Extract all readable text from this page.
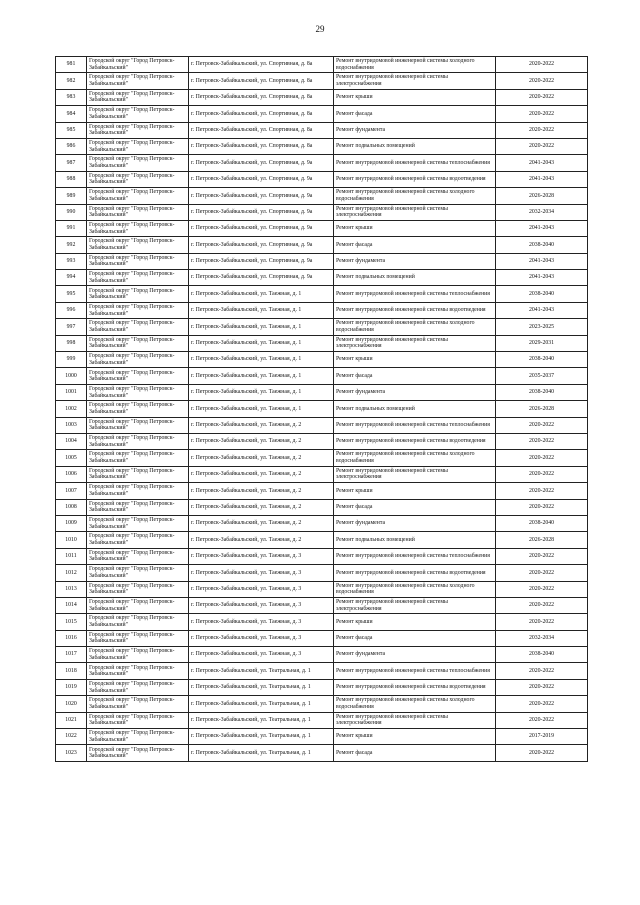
29
981	Городской округ "Город Петровск-Забайкальский"	г. Петровск-Забайкальский, ул. Спортивная, д. 8а	Ремонт внутридомовой инженерной системы холодного водоснабжения	2020-2022
982	Городской округ "Город Петровск-Забайкальский"	г. Петровск-Забайкальский, ул. Спортивная, д. 8а	Ремонт внутридомовой инженерной системы электроснабжения	2020-2022
983	Городской округ "Город Петровск-Забайкальский"	г. Петровск-Забайкальский, ул. Спортивная, д. 8а	Ремонт крыши	2020-2022
984	Городской округ "Город Петровск-Забайкальский"	г. Петровск-Забайкальский, ул. Спортивная, д. 8а	Ремонт фасада	2020-2022
985	Городской округ "Город Петровск-Забайкальский"	г. Петровск-Забайкальский, ул. Спортивная, д. 8а	Ремонт фундамента	2020-2022
986	Городской округ "Город Петровск-Забайкальский"	г. Петровск-Забайкальский, ул. Спортивная, д. 8а	Ремонт подвальных помещений	2020-2022
987	Городской округ "Город Петровск-Забайкальский"	г. Петровск-Забайкальский, ул. Спортивная, д. 9а	Ремонт внутридомовой инженерной системы теплоснабжения	2041-2043
988	Городской округ "Город Петровск-Забайкальский"	г. Петровск-Забайкальский, ул. Спортивная, д. 9а	Ремонт внутридомовой инженерной системы водоотведения	2041-2043
989	Городской округ "Город Петровск-Забайкальский"	г. Петровск-Забайкальский, ул. Спортивная, д. 9а	Ремонт внутридомовой инженерной системы холодного водоснабжения	2026-2028
990	Городской округ "Город Петровск-Забайкальский"	г. Петровск-Забайкальский, ул. Спортивная, д. 9а	Ремонт внутридомовой инженерной системы электроснабжения	2032-2034
991	Городской округ "Город Петровск-Забайкальский"	г. Петровск-Забайкальский, ул. Спортивная, д. 9а	Ремонт крыши	2041-2043
992	Городской округ "Город Петровск-Забайкальский"	г. Петровск-Забайкальский, ул. Спортивная, д. 9а	Ремонт фасада	2038-2040
993	Городской округ "Город Петровск-Забайкальский"	г. Петровск-Забайкальский, ул. Спортивная, д. 9а	Ремонт фундамента	2041-2043
994	Городской округ "Город Петровск-Забайкальский"	г. Петровск-Забайкальский, ул. Спортивная, д. 9а	Ремонт подвальных помещений	2041-2043
995	Городской округ "Город Петровск-Забайкальский"	г. Петровск-Забайкальский, ул. Таежная, д. 1	Ремонт внутридомовой инженерной системы теплоснабжения	2038-2040
996	Городской округ "Город Петровск-Забайкальский"	г. Петровск-Забайкальский, ул. Таежная, д. 1	Ремонт внутридомовой инженерной системы водоотведения	2041-2043
997	Городской округ "Город Петровск-Забайкальский"	г. Петровск-Забайкальский, ул. Таежная, д. 1	Ремонт внутридомовой инженерной системы холодного водоснабжения	2023-2025
998	Городской округ "Город Петровск-Забайкальский"	г. Петровск-Забайкальский, ул. Таежная, д. 1	Ремонт внутридомовой инженерной системы электроснабжения	2029-2031
999	Городской округ "Город Петровск-Забайкальский"	г. Петровск-Забайкальский, ул. Таежная, д. 1	Ремонт крыши	2038-2040
1000	Городской округ "Город Петровск-Забайкальский"	г. Петровск-Забайкальский, ул. Таежная, д. 1	Ремонт фасада	2035-2037
1001	Городской округ "Город Петровск-Забайкальский"	г. Петровск-Забайкальский, ул. Таежная, д. 1	Ремонт фундамента	2038-2040
1002	Городской округ "Город Петровск-Забайкальский"	г. Петровск-Забайкальский, ул. Таежная, д. 1	Ремонт подвальных помещений	2026-2028
1003	Городской округ "Город Петровск-Забайкальский"	г. Петровск-Забайкальский, ул. Таежная, д. 2	Ремонт внутридомовой инженерной системы теплоснабжения	2020-2022
1004	Городской округ "Город Петровск-Забайкальский"	г. Петровск-Забайкальский, ул. Таежная, д. 2	Ремонт внутридомовой инженерной системы водоотведения	2020-2022
1005	Городской округ "Город Петровск-Забайкальский"	г. Петровск-Забайкальский, ул. Таежная, д. 2	Ремонт внутридомовой инженерной системы холодного водоснабжения	2020-2022
1006	Городской округ "Город Петровск-Забайкальский"	г. Петровск-Забайкальский, ул. Таежная, д. 2	Ремонт внутридомовой инженерной системы электроснабжения	2020-2022
1007	Городской округ "Город Петровск-Забайкальский"	г. Петровск-Забайкальский, ул. Таежная, д. 2	Ремонт крыши	2020-2022
1008	Городской округ "Город Петровск-Забайкальский"	г. Петровск-Забайкальский, ул. Таежная, д. 2	Ремонт фасада	2020-2022
1009	Городской округ "Город Петровск-Забайкальский"	г. Петровск-Забайкальский, ул. Таежная, д. 2	Ремонт фундамента	2038-2040
1010	Городской округ "Город Петровск-Забайкальский"	г. Петровск-Забайкальский, ул. Таежная, д. 2	Ремонт подвальных помещений	2026-2028
1011	Городской округ "Город Петровск-Забайкальский"	г. Петровск-Забайкальский, ул. Таежная, д. 3	Ремонт внутридомовой инженерной системы теплоснабжения	2020-2022
1012	Городской округ "Город Петровск-Забайкальский"	г. Петровск-Забайкальский, ул. Таежная, д. 3	Ремонт внутридомовой инженерной системы водоотведения	2020-2022
1013	Городской округ "Город Петровск-Забайкальский"	г. Петровск-Забайкальский, ул. Таежная, д. 3	Ремонт внутридомовой инженерной системы холодного водоснабжения	2020-2022
1014	Городской округ "Город Петровск-Забайкальский"	г. Петровск-Забайкальский, ул. Таежная, д. 3	Ремонт внутридомовой инженерной системы электроснабжения	2020-2022
1015	Городской округ "Город Петровск-Забайкальский"	г. Петровск-Забайкальский, ул. Таежная, д. 3	Ремонт крыши	2020-2022
1016	Городской округ "Город Петровск-Забайкальский"	г. Петровск-Забайкальский, ул. Таежная, д. 3	Ремонт фасада	2032-2034
1017	Городской округ "Город Петровск-Забайкальский"	г. Петровск-Забайкальский, ул. Таежная, д. 3	Ремонт фундамента	2038-2040
1018	Городской округ "Город Петровск-Забайкальский"	г. Петровск-Забайкальский, ул. Театральная, д. 1	Ремонт внутридомовой инженерной системы теплоснабжения	2020-2022
1019	Городской округ "Город Петровск-Забайкальский"	г. Петровск-Забайкальский, ул. Театральная, д. 1	Ремонт внутридомовой инженерной системы водоотведения	2020-2022
1020	Городской округ "Город Петровск-Забайкальский"	г. Петровск-Забайкальский, ул. Театральная, д. 1	Ремонт внутридомовой инженерной системы холодного водоснабжения	2020-2022
1021	Городской округ "Город Петровск-Забайкальский"	г. Петровск-Забайкальский, ул. Театральная, д. 1	Ремонт внутридомовой инженерной системы электроснабжения	2020-2022
1022	Городской округ "Город Петровск-Забайкальский"	г. Петровск-Забайкальский, ул. Театральная, д. 1	Ремонт крыши	2017-2019
1023	Городской округ "Город Петровск-Забайкальский"	г. Петровск-Забайкальский, ул. Театральная, д. 1	Ремонт фасада	2020-2022
